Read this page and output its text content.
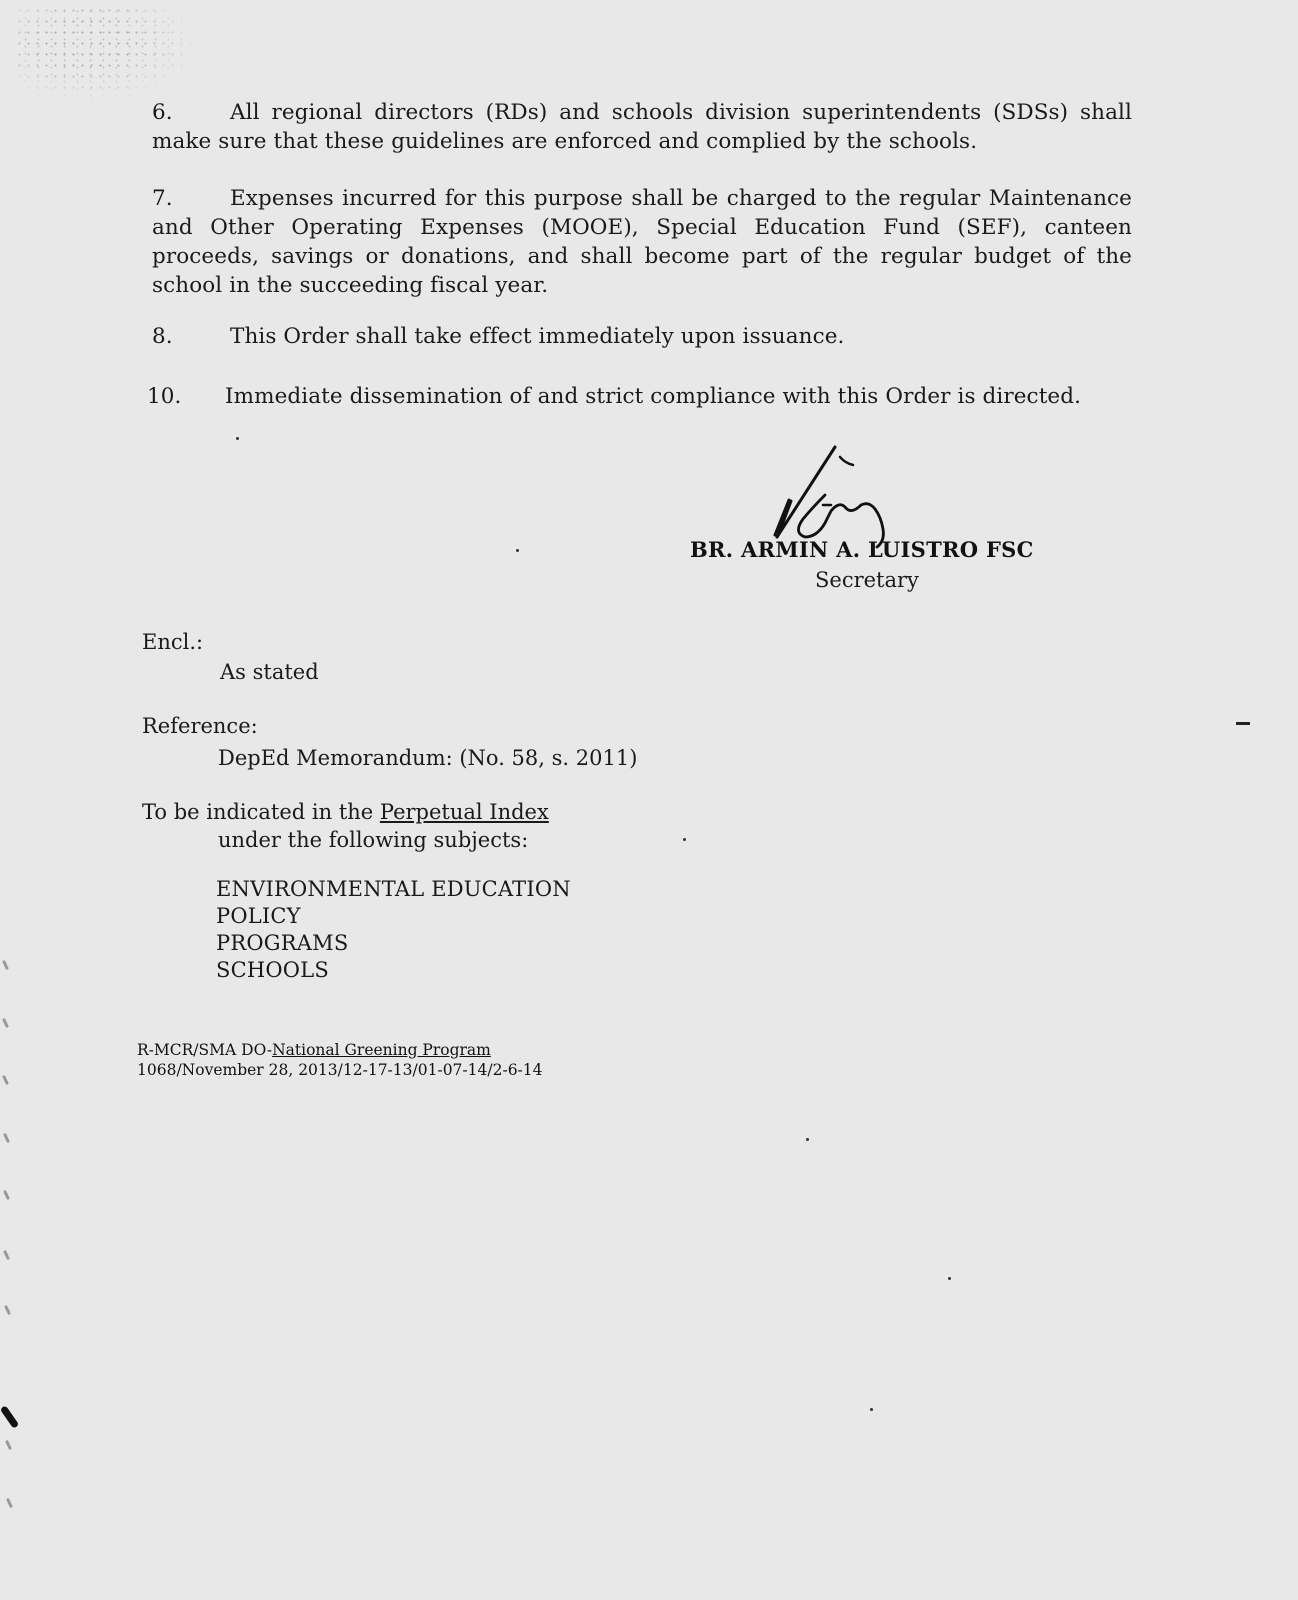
6.	All regional directors (RDs) and schools division superintendents (SDSs) shall make sure that these guidelines are enforced and complied by the schools.
7.	Expenses incurred for this purpose shall be charged to the regular Maintenance and Other Operating Expenses (MOOE), Special Education Fund (SEF), canteen proceeds, savings or donations, and shall become part of the regular budget of the school in the succeeding fiscal year.
8.	This Order shall take effect immediately upon issuance.
10. Immediate dissemination of and strict compliance with this Order is directed.
BR. ARMIN A. LUISTRO FSC
Secretary
Encl.:
As stated
Reference:
DepEd Memorandum: (No. 58, s. 2011)
To be indicated in the Perpetual Index
under the following subjects:
ENVIRONMENTAL EDUCATION
POLICY
PROGRAMS
SCHOOLS
R-MCR/SMA DO-National Greening Program
1068/November 28, 2013/12-17-13/01-07-14/2-6-14
